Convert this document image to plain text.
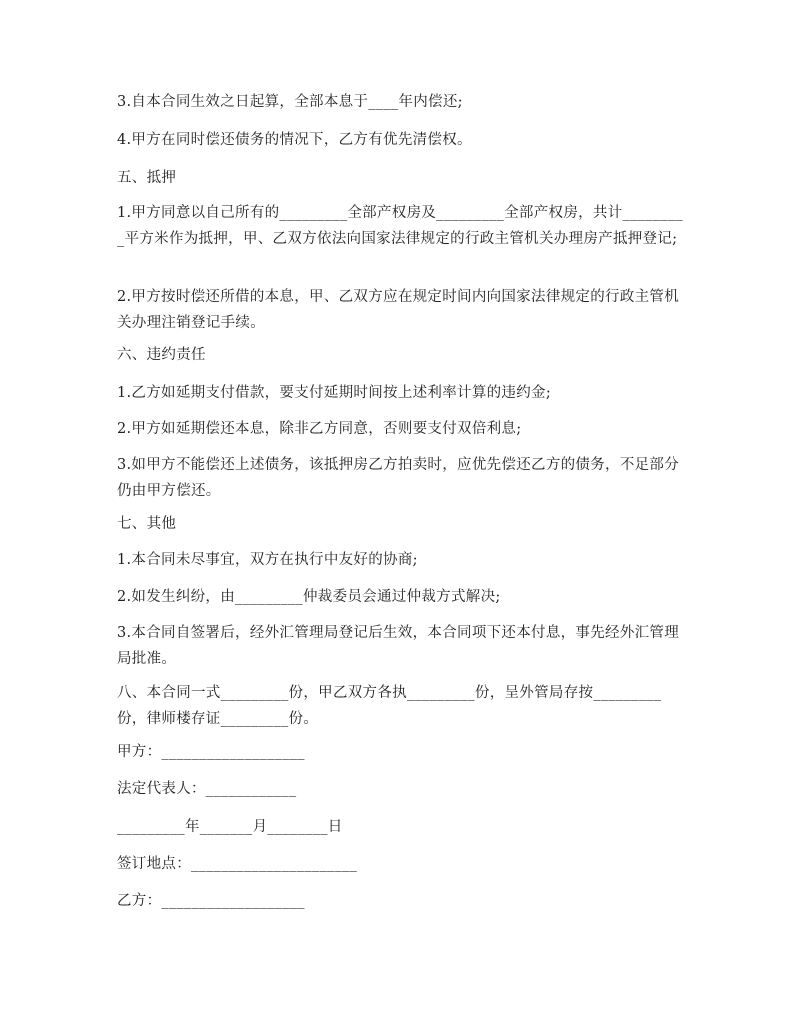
3.自本合同生效之日起算，全部本息于____年内偿还;
4.甲方在同时偿还债务的情况下，乙方有优先清偿权。
五、抵押
1.甲方同意以自己所有的_________全部产权房及_________全部产权房，共计_________平方米作为抵押，甲、乙双方依法向国家法律规定的行政主管机关办理房产抵押登记;
2.甲方按时偿还所借的本息，甲、乙双方应在规定时间内向国家法律规定的行政主管机关办理注销登记手续。
六、违约责任
1.乙方如延期支付借款，要支付延期时间按上述利率计算的违约金;
2.甲方如延期偿还本息，除非乙方同意，否则要支付双倍利息;
3.如甲方不能偿还上述债务，该抵押房乙方拍卖时，应优先偿还乙方的债务，不足部分仍由甲方偿还。
七、其他
1.本合同未尽事宜，双方在执行中友好的协商;
2.如发生纠纷，由_________仲裁委员会通过仲裁方式解决;
3.本合同自签署后，经外汇管理局登记后生效，本合同项下还本付息，事先经外汇管理局批准。
八、本合同一式_________份，甲乙双方各执_________份，呈外管局存按_________份，律师楼存证_________份。
甲方：___________________
法定代表人：____________
_________年_______月________日
签订地点：______________________
乙方：___________________
